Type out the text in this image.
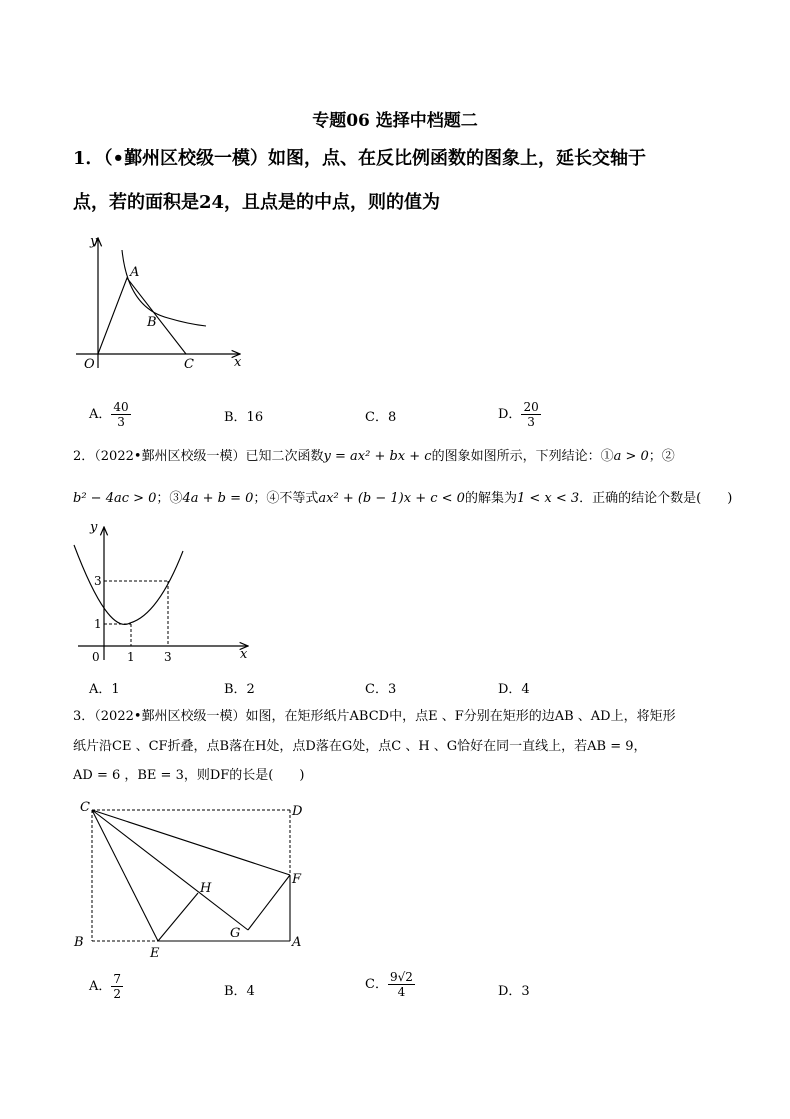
专题06 选择中档题二
1．（•鄞州区校级一模）如图，点、在反比例函数的图象上，延长交轴于
点，若的面积是24，且点是的中点，则的值为
y
x
O
A
B
C
A． $\frac{40}{3}$	B．16	C．8	D． $\frac{20}{3}$
2．（2022•鄞州区校级一模）已知二次函数y = ax² + bx + c的图象如图所示，下列结论：①a > 0；②
b² − 4ac > 0；③4a + b = 0；④不等式ax² + (b − 1)x + c < 0的解集为1 < x < 3．正确的结论个数是(　　)
y
x
0 1 3
1
3
A．1	B．2	C．3	D．4
3．（2022•鄞州区校级一模）如图，在矩形纸片ABCD中，点E 、F分别在矩形的边AB 、AD上，将矩形
纸片沿CE 、CF折叠，点B落在H处，点D落在G处，点C 、H 、G恰好在同一直线上，若AB = 9，
AD = 6 ，BE = 3，则DF的长是(　　)
C	D
F
H
G
B
E
A
A． $\frac{7}{2}$	B．4	C． $\frac{9√2}{4}$	D．3
